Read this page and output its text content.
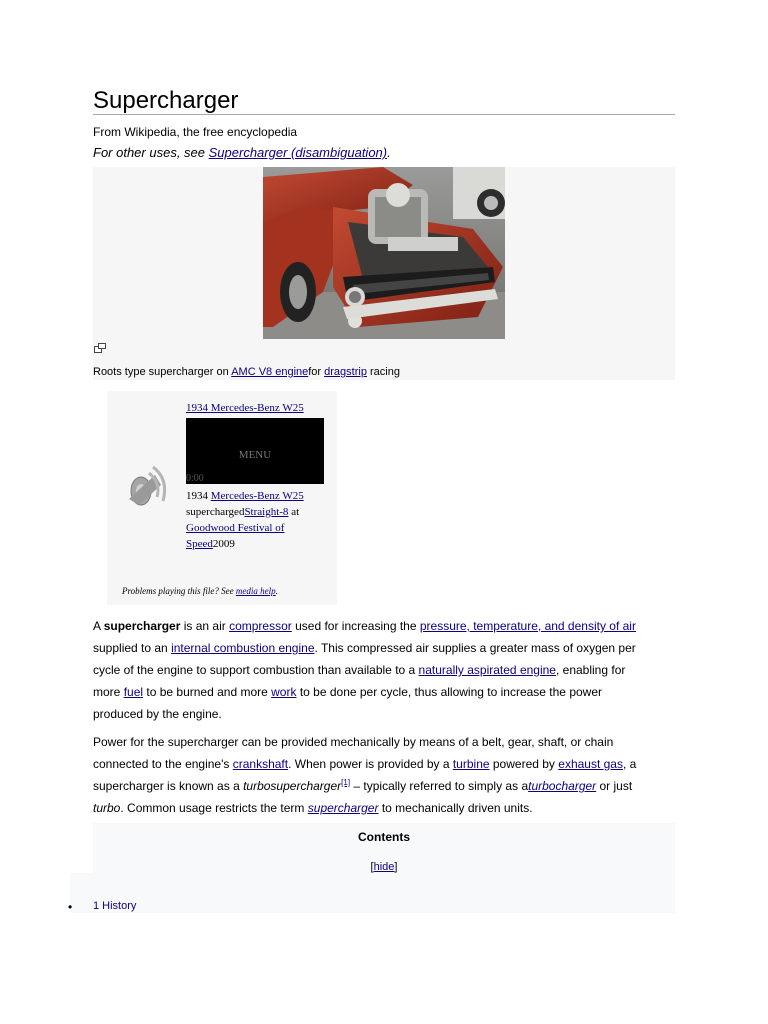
Supercharger
From Wikipedia, the free encyclopedia
For other uses, see Supercharger (disambiguation).
Roots type supercharger on AMC V8 enginefor dragstrip racing
1934 Mercedes-Benz W25
MENU
0:00
1934 Mercedes-Benz W25 superchargedStraight-8 at Goodwood Festival of Speed2009
Problems playing this file? See media help.

A supercharger is an air compressor used for increasing the pressure, temperature, and density of air supplied to an internal combustion engine. This compressed air supplies a greater mass of oxygen per cycle of the engine to support combustion than available to a naturally aspirated engine, enabling for more fuel to be burned and more work to be done per cycle, thus allowing to increase the power produced by the engine.

Power for the supercharger can be provided mechanically by means of a belt, gear, shaft, or chain connected to the engine's crankshaft. When power is provided by a turbine powered by exhaust gas, a supercharger is known as a turbosupercharger[1] – typically referred to simply as aturbocharger or just turbo. Common usage restricts the term supercharger to mechanically driven units.

Contents
[hide]
• 1 History
